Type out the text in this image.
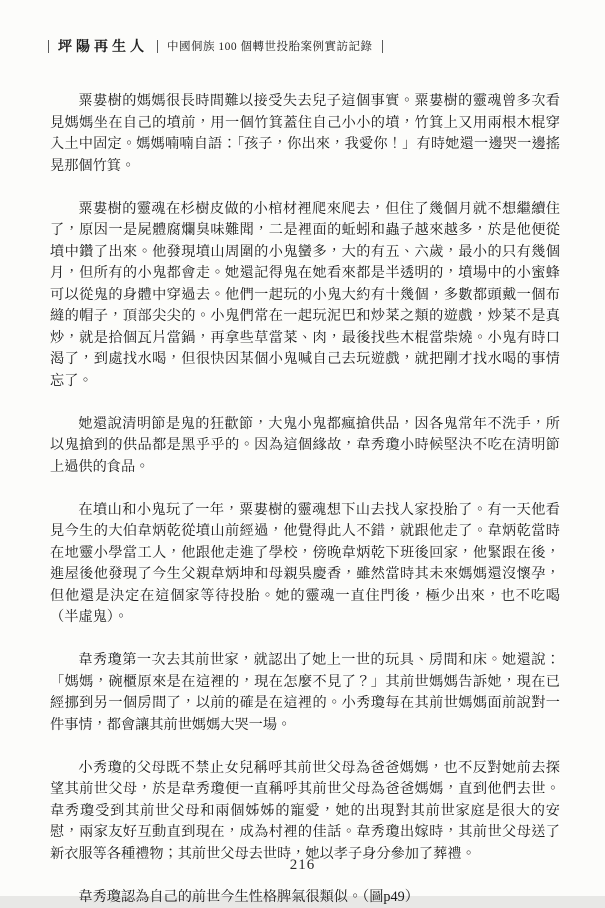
坪陽再生人 中國侗族 100 個轉世投胎案例實訪記錄

粟婁樹的媽媽很長時間難以接受失去兒子這個事實。粟婁樹的靈魂曾多次看見媽媽坐在自己的墳前，用一個竹箕蓋住自己小小的墳，竹箕上又用兩根木棍穿入土中固定。媽媽喃喃自語：「孩子，你出來，我愛你！」有時她還一邊哭一邊搖晃那個竹箕。

粟婁樹的靈魂在杉樹皮做的小棺材裡爬來爬去，但住了幾個月就不想繼續住了，原因一是屍體腐爛臭味難聞，二是裡面的蚯蚓和蟲子越來越多，於是他便從墳中鑽了出來。他發現墳山周圍的小鬼蠻多，大的有五、六歲，最小的只有幾個月，但所有的小鬼都會走。她還記得鬼在她看來都是半透明的，墳場中的小蜜蜂可以從鬼的身體中穿過去。他們一起玩的小鬼大約有十幾個，多數都頭戴一個布縫的帽子，頂部尖尖的。小鬼們常在一起玩泥巴和炒菜之類的遊戲，炒菜不是真炒，就是拾個瓦片當鍋，再拿些草當菜、肉，最後找些木棍當柴燒。小鬼有時口渴了，到處找水喝，但很快因某個小鬼喊自己去玩遊戲，就把剛才找水喝的事情忘了。

她還說清明節是鬼的狂歡節，大鬼小鬼都瘋搶供品，因各鬼常年不洗手，所以鬼搶到的供品都是黑乎乎的。因為這個緣故，韋秀瓊小時候堅決不吃在清明節上過供的食品。

在墳山和小鬼玩了一年，粟婁樹的靈魂想下山去找人家投胎了。有一天他看見今生的大伯韋炳乾從墳山前經過，他覺得此人不錯，就跟他走了。韋炳乾當時在地靈小學當工人，他跟他走進了學校，傍晚韋炳乾下班後回家，他緊跟在後，進屋後他發現了今生父親韋炳坤和母親吳慶香，雖然當時其未來媽媽還沒懷孕，但他還是決定在這個家等待投胎。她的靈魂一直住門後，極少出來，也不吃喝（半虛鬼）。

韋秀瓊第一次去其前世家，就認出了她上一世的玩具、房間和床。她還說：「媽媽，碗櫃原來是在這裡的，現在怎麼不見了？」其前世媽媽告訴她，現在已經挪到另一個房間了，以前的確是在這裡的。小秀瓊每在其前世媽媽面前說對一件事情，都會讓其前世媽媽大哭一場。

小秀瓊的父母既不禁止女兒稱呼其前世父母為爸爸媽媽，也不反對她前去探望其前世父母，於是韋秀瓊便一直稱呼其前世父母為爸爸媽媽，直到他們去世。韋秀瓊受到其前世父母和兩個姊姊的寵愛，她的出現對其前世家庭是很大的安慰，兩家友好互動直到現在，成為村裡的佳話。韋秀瓊出嫁時，其前世父母送了新衣服等各種禮物；其前世父母去世時，她以孝子身分參加了葬禮。

韋秀瓊認為自己的前世今生性格脾氣很類似。（圖p49）

216
